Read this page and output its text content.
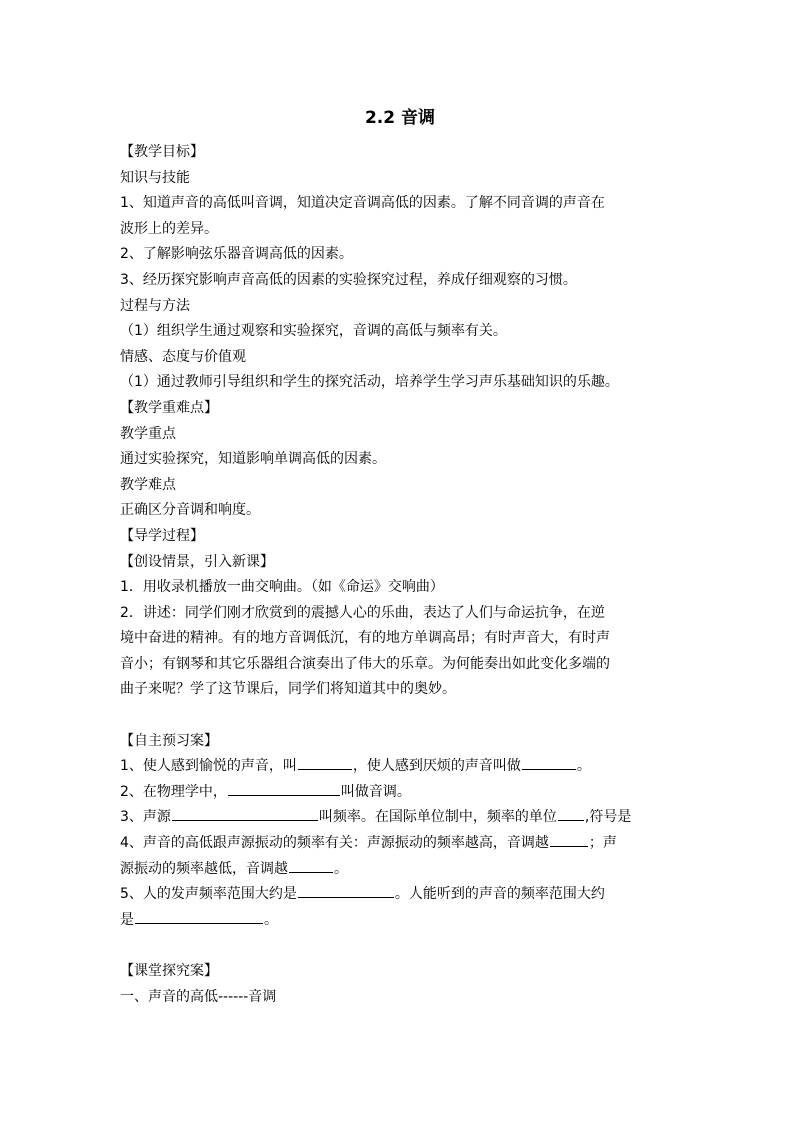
2.2 音调
【教学目标】
知识与技能
1、知道声音的高低叫音调，知道决定音调高低的因素。了解不同音调的声音在
波形上的差异。
2、了解影响弦乐器音调高低的因素。
3、经历探究影响声音高低的因素的实验探究过程，养成仔细观察的习惯。
过程与方法
（1）组织学生通过观察和实验探究，音调的高低与频率有关。
情感、态度与价值观
（1）通过教师引导组织和学生的探究活动，培养学生学习声乐基础知识的乐趣。
【教学重难点】
教学重点
通过实验探究，知道影响单调高低的因素。
教学难点
正确区分音调和响度。
【导学过程】
【创设情景，引入新课】
1．用收录机播放一曲交响曲。（如《命运》交响曲）
2．讲述：同学们刚才欣赏到的震撼人心的乐曲，表达了人们与命运抗争，在逆
境中奋进的精神。有的地方音调低沉，有的地方单调高昂；有时声音大，有时声
音小；有钢琴和其它乐器组合演奏出了伟大的乐章。为何能奏出如此变化多端的
曲子来呢？学了这节课后，同学们将知道其中的奥妙。
【自主预习案】
1、使人感到愉悦的声音，叫	，使人感到厌烦的声音叫做	。
2、在物理学中，	叫做音调。
3、声源	叫频率。在国际单位制中，频率的单位 ,符号是
4、声音的高低跟声源振动的频率有关：声源振动的频率越高，音调越	；声
源振动的频率越低，音调越	。
5、人的发声频率范围大约是	。人能听到的声音的频率范围大约
是	。
【课堂探究案】
一、声音的高低------音调
